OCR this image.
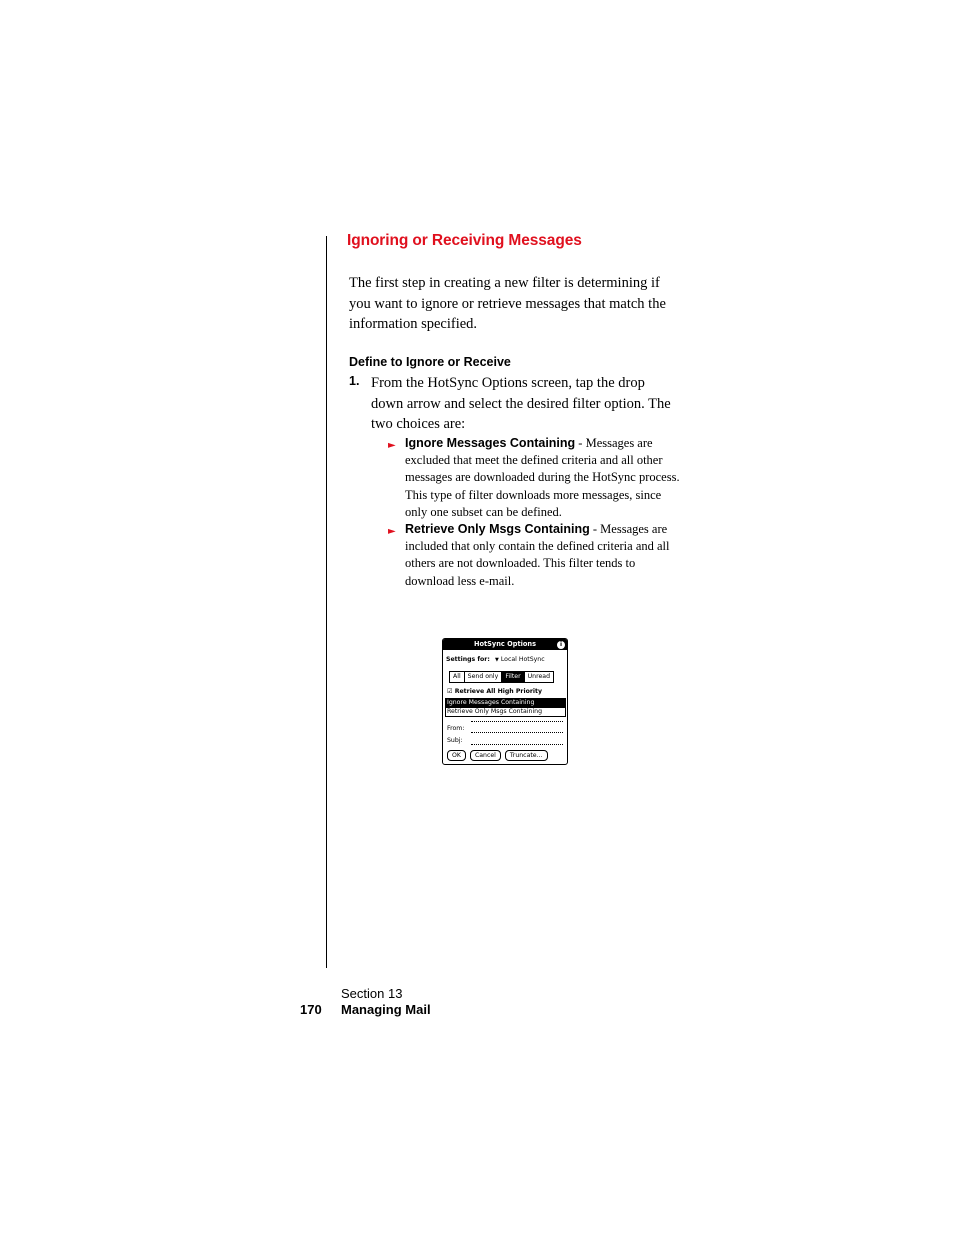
Ignoring or Receiving Messages

The first step in creating a new filter is determining if you want to ignore or retrieve messages that match the information specified.

Define to Ignore or Receive
1. From the HotSync Options screen, tap the drop down arrow and select the desired filter option. The two choices are:

► Ignore Messages Containing - Messages are excluded that meet the defined criteria and all other messages are downloaded during the HotSync process. This type of filter downloads more messages, since only one subset can be defined.

► Retrieve Only Msgs Containing - Messages are included that only contain the defined criteria and all others are not downloaded. This filter tends to download less e-mail.

HotSync Options	i
Settings for: ▼ Local HotSync
All	Send only	Filter	Unread
☑ Retrieve All High Priority
Ignore Messages Containing
Retrieve Only Msgs Containing
From:
Subj:
OK	Cancel	Truncate...
Section 13
170 Managing Mail
